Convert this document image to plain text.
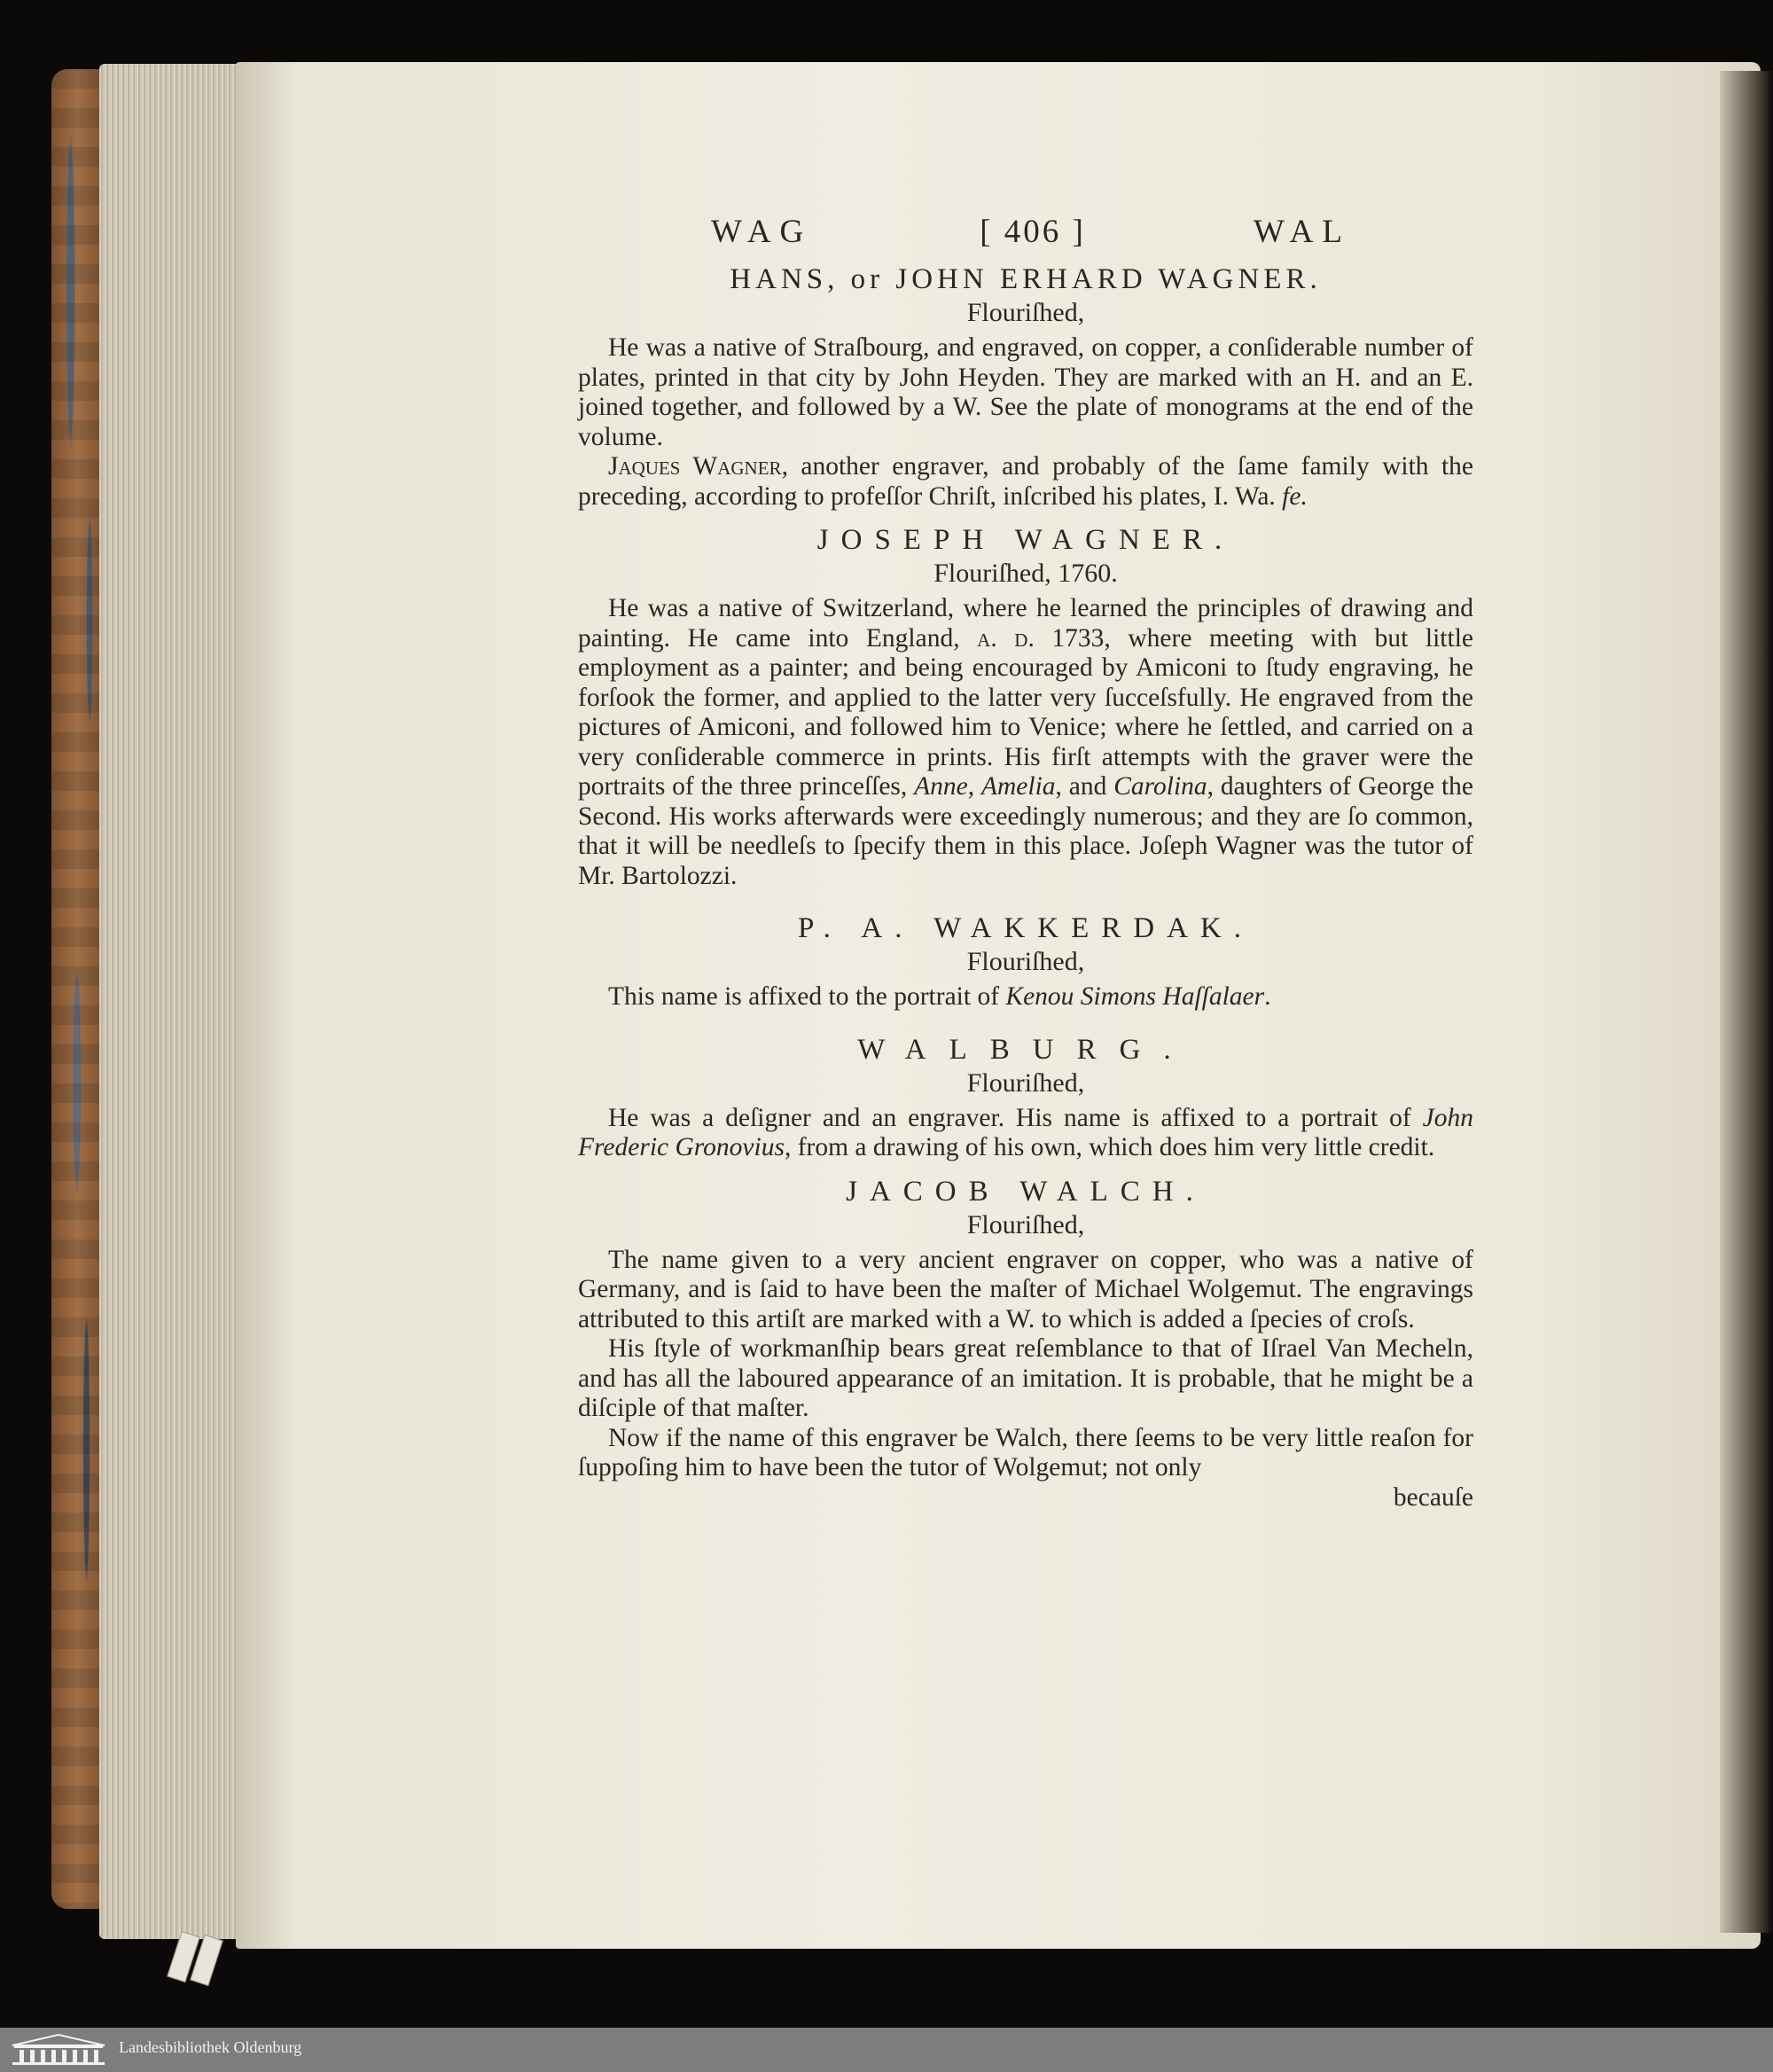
WAG	[ 406 ]	WAL
HANS, or JOHN ERHARD WAGNER.
Flouriſhed,

He was a native of Straſbourg, and engraved, on copper, a conſiderable number of plates, printed in that city by John Heyden. They are marked with an H. and an E. joined together, and followed by a W. See the plate of monograms at the end of the volume.

Jaques Wagner, another engraver, and probably of the ſame family with the preceding, according to profeſſor Chriſt, inſcribed his plates, I. Wa. fe.

JOSEPH WAGNER.
Flouriſhed, 1760.

He was a native of Switzerland, where he learned the principles of drawing and painting. He came into England, a. d. 1733, where meeting with but little employment as a painter; and being encouraged by Amiconi to ſtudy engraving, he forſook the former, and applied to the latter very ſucceſsfully. He engraved from the pictures of Amiconi, and followed him to Venice; where he ſettled, and carried on a very conſiderable commerce in prints. His firſt attempts with the graver were the portraits of the three princeſſes, Anne, Amelia, and Carolina, daughters of George the Second. His works afterwards were exceedingly numerous; and they are ſo common, that it will be needleſs to ſpecify them in this place. Joſeph Wagner was the tutor of Mr. Bartolozzi.

P. A. WAKKERDAK.
Flouriſhed,

This name is affixed to the portrait of Kenou Simons Haſſalaer.

WALBURG.
Flouriſhed,

He was a deſigner and an engraver. His name is affixed to a portrait of John Frederic Gronovius, from a drawing of his own, which does him very little credit.

JACOB WALCH.
Flouriſhed,

The name given to a very ancient engraver on copper, who was a native of Germany, and is ſaid to have been the maſter of Michael Wolgemut. The engravings attributed to this artiſt are marked with a W. to which is added a ſpecies of croſs.

His ſtyle of workmanſhip bears great reſemblance to that of Iſrael Van Mecheln, and has all the laboured appearance of an imitation. It is probable, that he might be a diſciple of that maſter.

Now if the name of this engraver be Walch, there ſeems to be very little reaſon for ſuppoſing him to have been the tutor of Wolgemut; not only

becauſe
Landesbibliothek Oldenburg
